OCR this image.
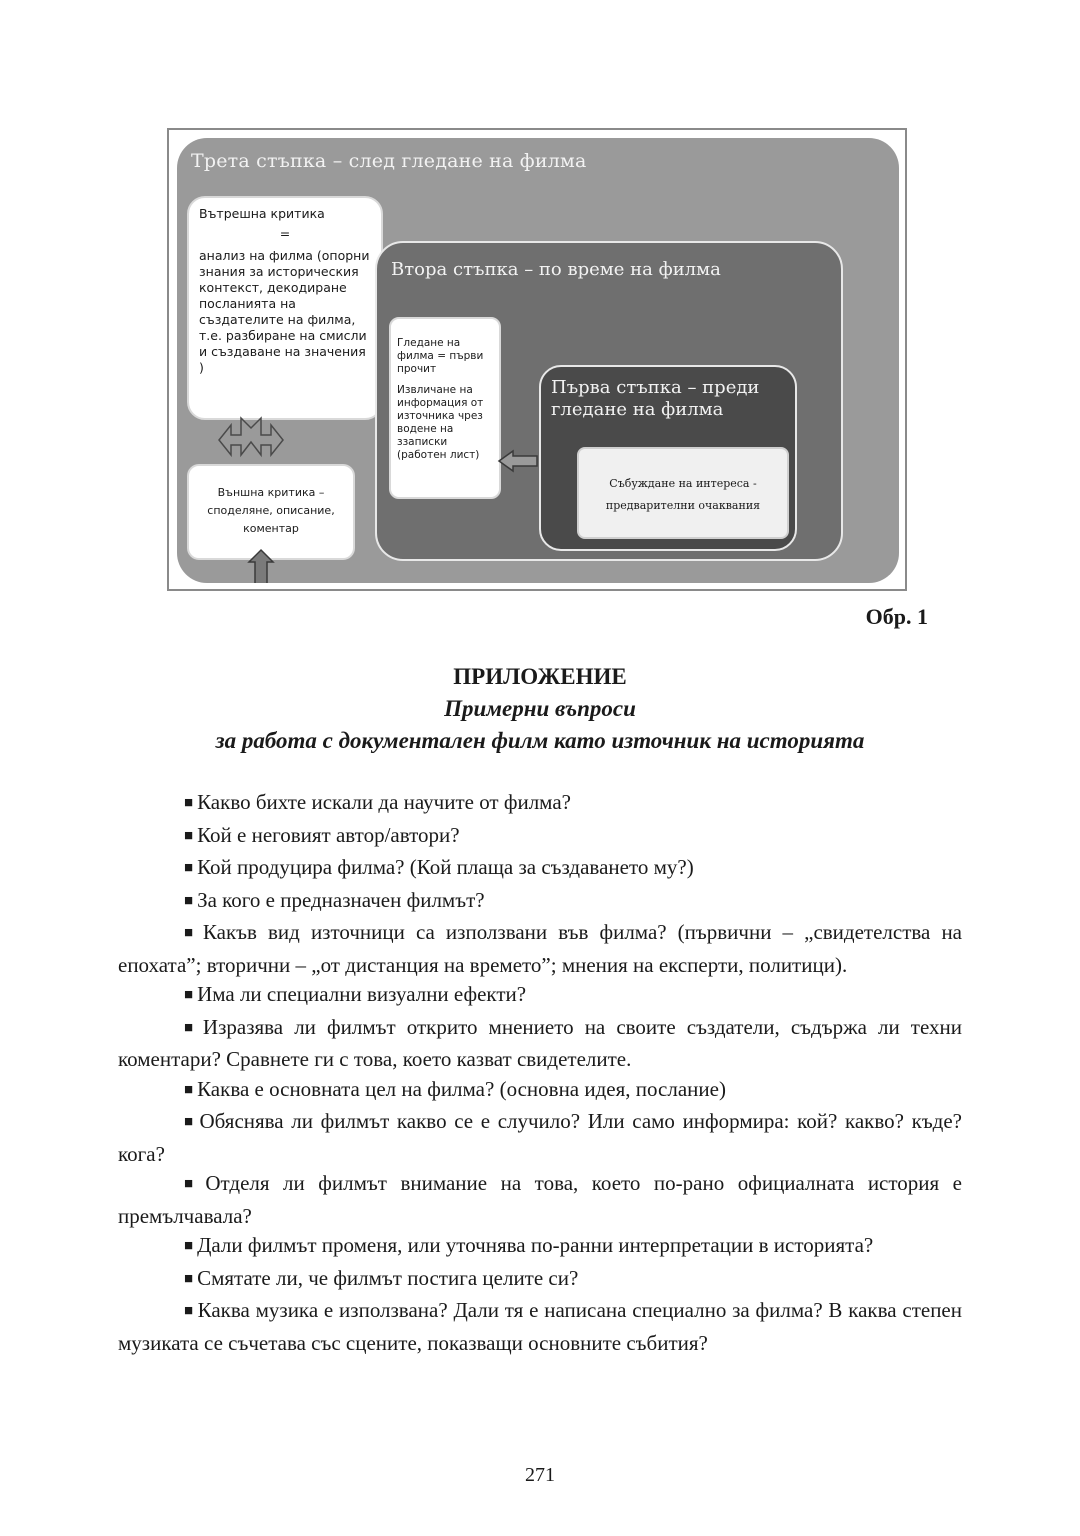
Трета стъпка – след гледане на филма
Вътрешна критика
=
анализ на филма (опорни знания за историческия контекст, декодиране посланията на създателите на филма, т.е. разбиране на смисли и създаване на значения )
Външна критика – споделяне, описание, коментар
Втора стъпка – по време на филма

Гледане на филма = първи прочит

Извличане на информация от източника чрез водене на ззаписки (работен лист)

Първа стъпка – преди гледане на филма
Събуждане на интереса -
предварителни очаквания
Обр. 1
ПРИЛОЖЕНИЕ
Примерни въпроси
за работа с документален филм като източник на историята
■ Какво бихте искали да научите от филма?
■ Кой е неговият автор/автори?
■ Кой продуцира филма? (Кой плаща за създаването му?)
■ За кого е предназначен филмът?
■ Какъв вид източници са използвани във филма? (първични – „свидетелства на епохата”; вторични – „от дистанция на времето”; мнения на експерти, политици).
■ Има ли специални визуални ефекти?
■ Изразява ли филмът открито мнението на своите създатели, съдържа ли техни коментари? Сравнете ги с това, което казват свидетелите.
■ Каква е основната цел на филма? (основна идея, послание)
■ Обяснява ли филмът какво се е случило? Или само информира: кой? какво? къде? кога?
■ Отделя ли филмът внимание на това, което по-рано официалната история е премълчавала?
■ Дали филмът променя, или уточнява по-ранни интерпретации в историята?
■ Смятате ли, че филмът постига целите си?
■ Каква музика е използвана? Дали тя е написана специално за филма? В каква степен музиката се съчетава със сцените, показващи основните събития?
271
